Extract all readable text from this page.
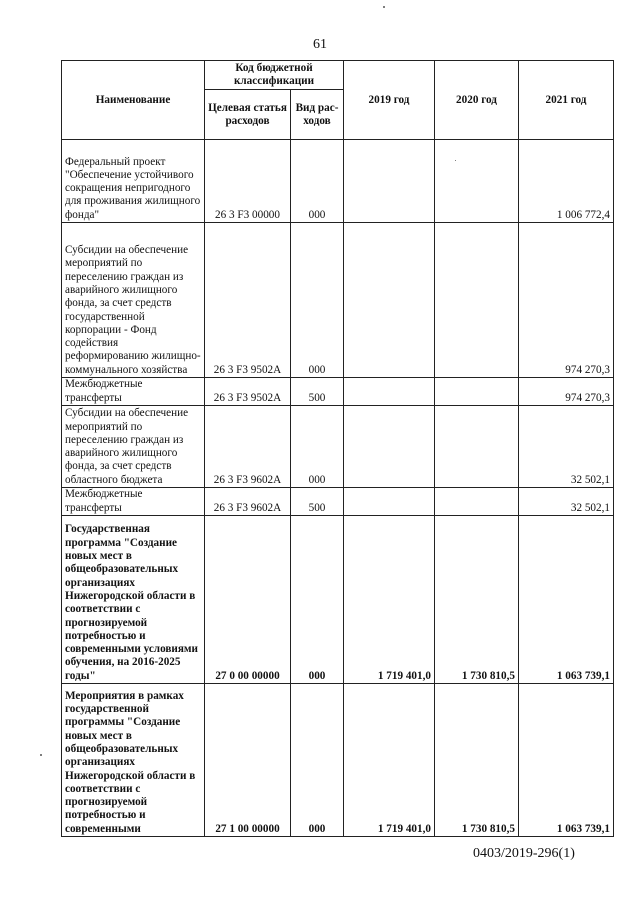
61
Наименование	Код бюджетной классификации		2019 год	2020 год	2021 год
	Целевая статья расходов	Вид рас-ходов			
Федеральный проект "Обеспечение устойчивого сокращения непригодного для проживания жилищного фонда"	26 3 F3 00000	000			1 006 772,4
Субсидии на обеспечение мероприятий по переселению граждан из аварийного жилищного фонда, за счет средств государственной корпорации - Фонд содействия реформированию жилищно-коммунального хозяйства	26 3 F3 9502A	000			974 270,3
Межбюджетные трансферты	26 3 F3 9502A	500			974 270,3
Субсидии на обеспечение мероприятий по переселению граждан из аварийного жилищного фонда, за счет средств областного бюджета	26 3 F3 9602A	000			32 502,1
Межбюджетные трансферты	26 3 F3 9602A	500			32 502,1
Государственная программа "Создание новых мест в общеобразовательных организациях Нижегородской области в соответствии с прогнозируемой потребностью и современными условиями обучения, на 2016-2025 годы"	27 0 00 00000	000	1 719 401,0	1 730 810,5	1 063 739,1
Мероприятия в рамках государственной программы "Создание новых мест в общеобразовательных организациях Нижегородской области в соответствии с прогнозируемой потребностью и современными	27 1 00 00000	000	1 719 401,0	1 730 810,5	1 063 739,1
0403/2019-296(1)
